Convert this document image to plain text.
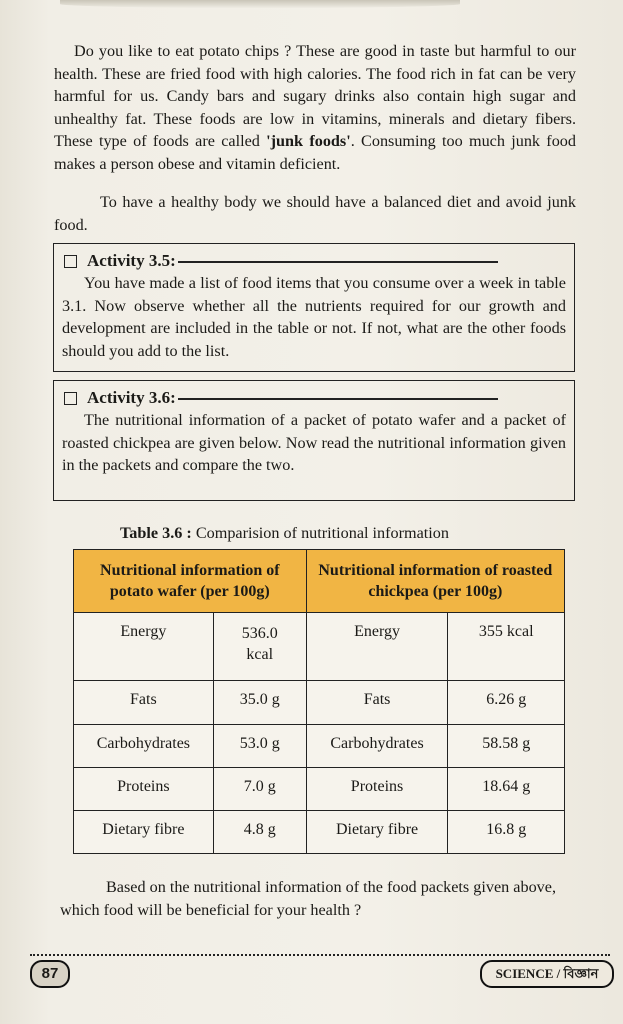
Do you like to eat potato chips ? These are good in taste but harmful to our health. These are fried food with high calories. The food rich in fat can be very harmful for us. Candy bars and sugary drinks also contain high sugar and unhealthy fat. These foods are low in vitamins, minerals and dietary fibers. These type of foods are called 'junk foods'. Consuming too much junk food makes a person obese and vitamin deficient.

To have a healthy body we should have a balanced diet and avoid junk food.

Activity 3.5:

You have made a list of food items that you consume over a week in table 3.1. Now observe whether all the nutrients required for our growth and development are included in the table or not. If not, what are the other foods should you add to the list.

Activity 3.6:

The nutritional information of a packet of potato wafer and a packet of roasted chickpea are given below. Now read the nutritional information given in the packets and compare the two.

Table 3.6 : Comparision of nutritional information
Nutritional information of potato wafer (per 100g)		Nutritional information of roasted chickpea (per 100g)	
Energy	536.0 kcal	Energy	355 kcal
Fats	35.0 g	Fats	6.26 g
Carbohydrates	53.0 g	Carbohydrates	58.58 g
Proteins	7.0 g	Proteins	18.64 g
Dietary fibre	4.8 g	Dietary fibre	16.8 g

Based on the nutritional information of the food packets given above, which food will be beneficial for your health ?

87	SCIENCE / বিজ্ঞান
